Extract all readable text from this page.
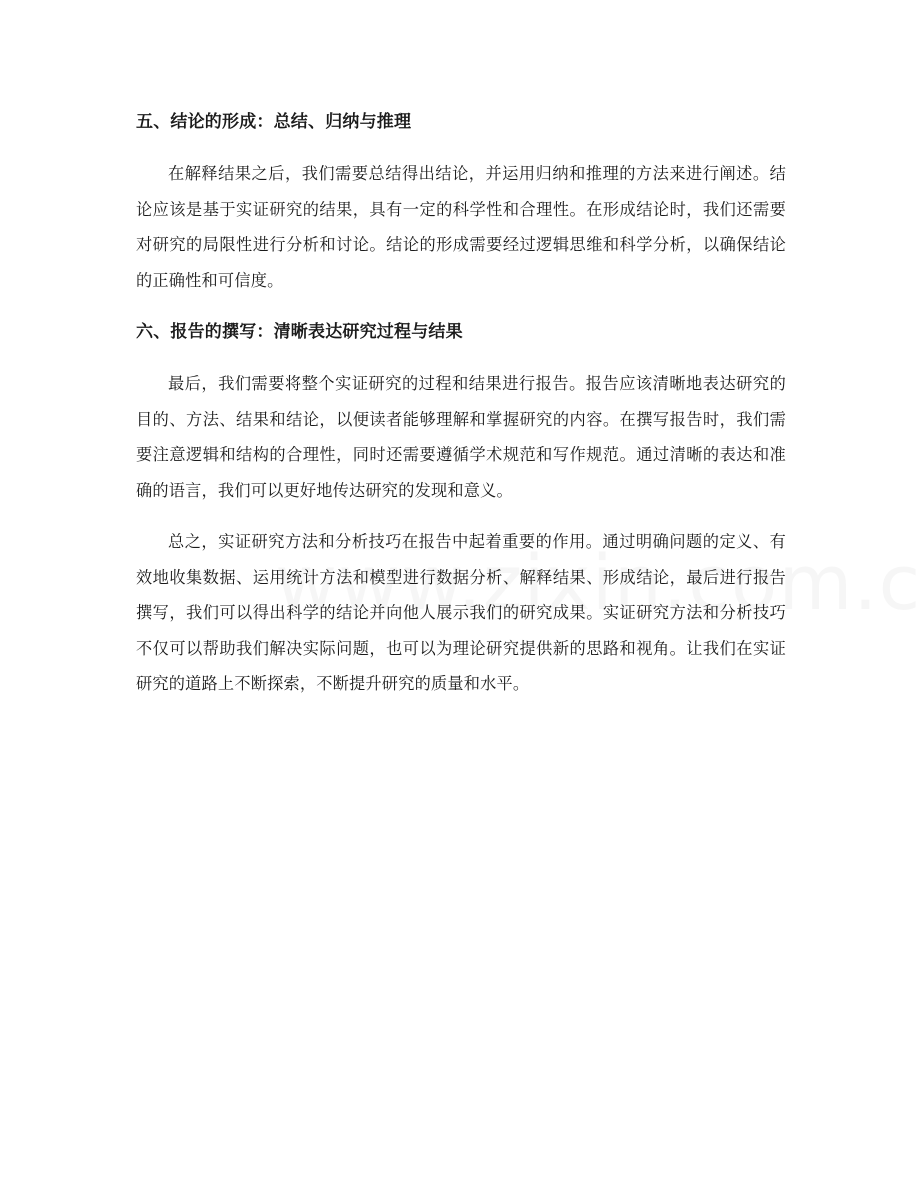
五、结论的形成：总结、归纳与推理

在解释结果之后，我们需要总结得出结论，并运用归纳和推理的方法来进行阐述。结论应该是基于实证研究的结果，具有一定的科学性和合理性。在形成结论时，我们还需要对研究的局限性进行分析和讨论。结论的形成需要经过逻辑思维和科学分析，以确保结论的正确性和可信度。

六、报告的撰写：清晰表达研究过程与结果

最后，我们需要将整个实证研究的过程和结果进行报告。报告应该清晰地表达研究的目的、方法、结果和结论，以便读者能够理解和掌握研究的内容。在撰写报告时，我们需要注意逻辑和结构的合理性，同时还需要遵循学术规范和写作规范。通过清晰的表达和准确的语言，我们可以更好地传达研究的发现和意义。

总之，实证研究方法和分析技巧在报告中起着重要的作用。通过明确问题的定义、有效地收集数据、运用统计方法和模型进行数据分析、解释结果、形成结论，最后进行报告撰写，我们可以得出科学的结论并向他人展示我们的研究成果。实证研究方法和分析技巧不仅可以帮助我们解决实际问题，也可以为理论研究提供新的思路和视角。让我们在实证研究的道路上不断探索，不断提升研究的质量和水平。
